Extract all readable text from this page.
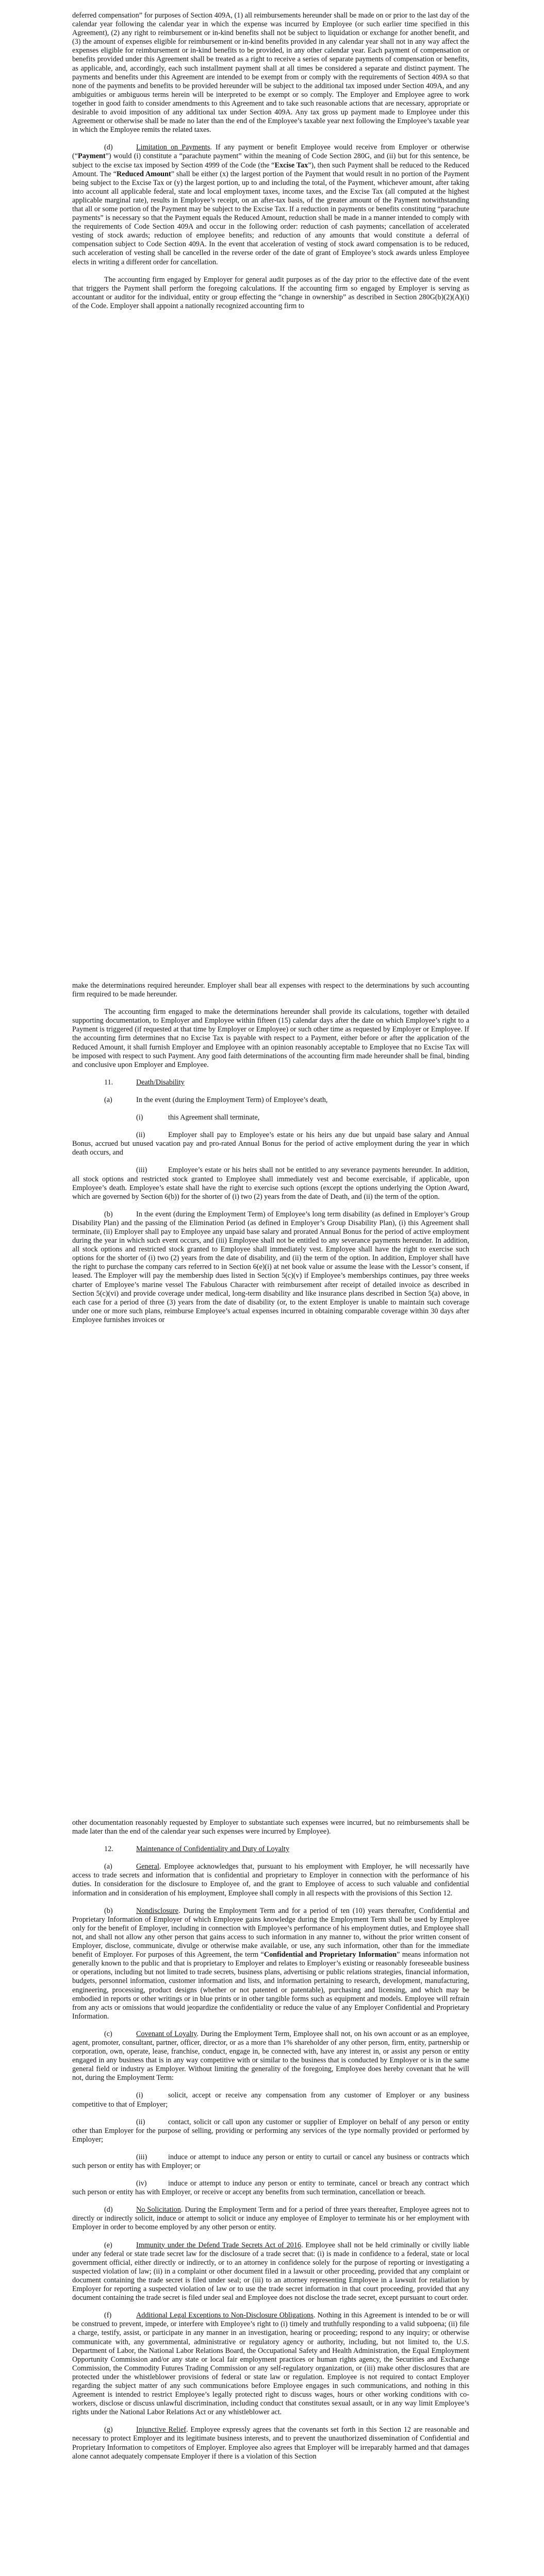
deferred compensation” for purposes of Section 409A, (1) all reimbursements hereunder shall be made on or prior to the last day of the calendar year following the calendar year in which the expense was incurred by Employee (or such earlier time specified in this Agreement), (2) any right to reimbursement or in-kind benefits shall not be subject to liquidation or exchange for another benefit, and (3) the amount of expenses eligible for reimbursement or in-kind benefits provided in any calendar year shall not in any way affect the expenses eligible for reimbursement or in-kind benefits to be provided, in any other calendar year. Each payment of compensation or benefits provided under this Agreement shall be treated as a right to receive a series of separate payments of compensation or benefits, as applicable, and, accordingly, each such installment payment shall at all times be considered a separate and distinct payment. The payments and benefits under this Agreement are intended to be exempt from or comply with the requirements of Section 409A so that none of the payments and benefits to be provided hereunder will be subject to the additional tax imposed under Section 409A, and any ambiguities or ambiguous terms herein will be interpreted to be exempt or so comply. The Employer and Employee agree to work together in good faith to consider amendments to this Agreement and to take such reasonable actions that are necessary, appropriate or desirable to avoid imposition of any additional tax under Section 409A. Any tax gross up payment made to Employee under this Agreement or otherwise shall be made no later than the end of the Employee’s taxable year next following the Employee’s taxable year in which the Employee remits the related taxes.

(d)	Limitation on Payments. If any payment or benefit Employee would receive from Employer or otherwise (“Payment”) would (i) constitute a “parachute payment” within the meaning of Code Section 280G, and (ii) but for this sentence, be subject to the excise tax imposed by Section 4999 of the Code (the “Excise Tax”), then such Payment shall be reduced to the Reduced Amount. The “Reduced Amount” shall be either (x) the largest portion of the Payment that would result in no portion of the Payment being subject to the Excise Tax or (y) the largest portion, up to and including the total, of the Payment, whichever amount, after taking into account all applicable federal, state and local employment taxes, income taxes, and the Excise Tax (all computed at the highest applicable marginal rate), results in Employee’s receipt, on an after-tax basis, of the greater amount of the Payment notwithstanding that all or some portion of the Payment may be subject to the Excise Tax. If a reduction in payments or benefits constituting “parachute payments” is necessary so that the Payment equals the Reduced Amount, reduction shall be made in a manner intended to comply with the requirements of Code Section 409A and occur in the following order: reduction of cash payments; cancellation of accelerated vesting of stock awards; reduction of employee benefits; and reduction of any amounts that would constitute a deferral of compensation subject to Code Section 409A. In the event that acceleration of vesting of stock award compensation is to be reduced, such acceleration of vesting shall be cancelled in the reverse order of the date of grant of Employee’s stock awards unless Employee elects in writing a different order for cancellation.

The accounting firm engaged by Employer for general audit purposes as of the day prior to the effective date of the event that triggers the Payment shall perform the foregoing calculations. If the accounting firm so engaged by Employer is serving as accountant or auditor for the individual, entity or group effecting the “change in ownership” as described in Section 280G(b)(2)(A)(i) of the Code. Employer shall appoint a nationally recognized accounting firm to

make the determinations required hereunder. Employer shall bear all expenses with respect to the determinations by such accounting firm required to be made hereunder.

The accounting firm engaged to make the determinations hereunder shall provide its calculations, together with detailed supporting documentation, to Employer and Employee within fifteen (15) calendar days after the date on which Employee’s right to a Payment is triggered (if requested at that time by Employer or Employee) or such other time as requested by Employer or Employee. If the accounting firm determines that no Excise Tax is payable with respect to a Payment, either before or after the application of the Reduced Amount, it shall furnish Employer and Employee with an opinion reasonably acceptable to Employee that no Excise Tax will be imposed with respect to such Payment. Any good faith determinations of the accounting firm made hereunder shall be final, binding and conclusive upon Employer and Employee.

11.	Death/Disability

(a)	In the event (during the Employment Term) of Employee’s death,

(i)	this Agreement shall terminate,

(ii)	Employer shall pay to Employee’s estate or his heirs any due but unpaid base salary and Annual Bonus, accrued but unused vacation pay and pro-rated Annual Bonus for the period of active employment during the year in which death occurs, and

(iii)	Employee’s estate or his heirs shall not be entitled to any severance payments hereunder. In addition, all stock options and restricted stock granted to Employee shall immediately vest and become exercisable, if applicable, upon Employee’s death. Employee’s estate shall have the right to exercise such options (except the options underlying the Option Award, which are governed by Section 6(b)) for the shorter of (i) two (2) years from the date of Death, and (ii) the term of the option.

(b)	In the event (during the Employment Term) of Employee’s long term disability (as defined in Employer’s Group Disability Plan) and the passing of the Elimination Period (as defined in Employer’s Group Disability Plan), (i) this Agreement shall terminate, (ii) Employer shall pay to Employee any unpaid base salary and prorated Annual Bonus for the period of active employment during the year in which such event occurs, and (iii) Employee shall not be entitled to any severance payments hereunder. In addition, all stock options and restricted stock granted to Employee shall immediately vest. Employee shall have the right to exercise such options for the shorter of (i) two (2) years from the date of disability, and (ii) the term of the option. In addition, Employer shall have the right to purchase the company cars referred to in Section 6(e)(i) at net book value or assume the lease with the Lessor’s consent, if leased. The Employer will pay the membership dues listed in Section 5(c)(v) if Employee’s memberships continues, pay three weeks charter of Employee’s marine vessel The Fabulous Character with reimbursement after receipt of detailed invoice as described in Section 5(c)(vi) and provide coverage under medical, long-term disability and like insurance plans described in Section 5(a) above, in each case for a period of three (3) years from the date of disability (or, to the extent Employer is unable to maintain such coverage under one or more such plans, reimburse Employee’s actual expenses incurred in obtaining comparable coverage within 30 days after Employee furnishes invoices or

other documentation reasonably requested by Employer to substantiate such expenses were incurred, but no reimbursements shall be made later than the end of the calendar year such expenses were incurred by Employee).

12.	Maintenance of Confidentiality and Duty of Loyalty

(a)	General. Employee acknowledges that, pursuant to his employment with Employer, he will necessarily have access to trade secrets and information that is confidential and proprietary to Employer in connection with the performance of his duties. In consideration for the disclosure to Employee of, and the grant to Employee of access to such valuable and confidential information and in consideration of his employment, Employee shall comply in all respects with the provisions of this Section 12.

(b)	Nondisclosure. During the Employment Term and for a period of ten (10) years thereafter, Confidential and Proprietary Information of Employer of which Employee gains knowledge during the Employment Term shall be used by Employee only for the benefit of Employer, including in connection with Employee’s performance of his employment duties, and Employee shall not, and shall not allow any other person that gains access to such information in any manner to, without the prior written consent of Employer, disclose, communicate, divulge or otherwise make available, or use, any such information, other than for the immediate benefit of Employer. For purposes of this Agreement, the term “Confidential and Proprietary Information” means information not generally known to the public and that is proprietary to Employer and relates to Employer’s existing or reasonably foreseeable business or operations, including but not limited to trade secrets, business plans, advertising or public relations strategies, financial information, budgets, personnel information, customer information and lists, and information pertaining to research, development, manufacturing, engineering, processing, product designs (whether or not patented or patentable), purchasing and licensing, and which may be embodied in reports or other writings or in blue prints or in other tangible forms such as equipment and models. Employee will refrain from any acts or omissions that would jeopardize the confidentiality or reduce the value of any Employer Confidential and Proprietary Information.

(c)	Covenant of Loyalty. During the Employment Term, Employee shall not, on his own account or as an employee, agent, promoter, consultant, partner, officer, director, or as a more than 1% shareholder of any other person, firm, entity, partnership or corporation, own, operate, lease, franchise, conduct, engage in, be connected with, have any interest in, or assist any person or entity engaged in any business that is in any way competitive with or similar to the business that is conducted by Employer or is in the same general field or industry as Employer. Without limiting the generality of the foregoing, Employee does hereby covenant that he will not, during the Employment Term:

(i)	solicit, accept or receive any compensation from any customer of Employer or any business competitive to that of Employer;

(ii)	contact, solicit or call upon any customer or supplier of Employer on behalf of any person or entity other than Employer for the purpose of selling, providing or performing any services of the type normally provided or performed by Employer;

(iii)	induce or attempt to induce any person or entity to curtail or cancel any business or contracts which such person or entity has with Employer; or

(iv)	induce or attempt to induce any person or entity to terminate, cancel or breach any contract which such person or entity has with Employer, or receive or accept any benefits from such termination, cancellation or breach.

(d)	No Solicitation. During the Employment Term and for a period of three years thereafter, Employee agrees not to directly or indirectly solicit, induce or attempt to solicit or induce any employee of Employer to terminate his or her employment with Employer in order to become employed by any other person or entity.

(e)	Immunity under the Defend Trade Secrets Act of 2016. Employee shall not be held criminally or civilly liable under any federal or state trade secret law for the disclosure of a trade secret that: (i) is made in confidence to a federal, state or local government official, either directly or indirectly, or to an attorney in confidence solely for the purpose of reporting or investigating a suspected violation of law; (ii) in a complaint or other document filed in a lawsuit or other proceeding, provided that any complaint or document containing the trade secret is filed under seal; or (iii) to an attorney representing Employee in a lawsuit for retaliation by Employer for reporting a suspected violation of law or to use the trade secret information in that court proceeding, provided that any document containing the trade secret is filed under seal and Employee does not disclose the trade secret, except pursuant to court order.

(f)	Additional Legal Exceptions to Non-Disclosure Obligations. Nothing in this Agreement is intended to be or will be construed to prevent, impede, or interfere with Employee’s right to (i) timely and truthfully responding to a valid subpoena; (ii) file a charge, testify, assist, or participate in any manner in an investigation, hearing or proceeding; respond to any inquiry; or otherwise communicate with, any governmental, administrative or regulatory agency or authority, including, but not limited to, the U.S. Department of Labor, the National Labor Relations Board, the Occupational Safety and Health Administration, the Equal Employment Opportunity Commission and/or any state or local fair employment practices or human rights agency, the Securities and Exchange Commission, the Commodity Futures Trading Commission or any self-regulatory organization, or (iii) make other disclosures that are protected under the whistleblower provisions of federal or state law or regulation. Employee is not required to contact Employer regarding the subject matter of any such communications before Employee engages in such communications, and nothing in this Agreement is intended to restrict Employee’s legally protected right to discuss wages, hours or other working conditions with co-workers, disclose or discuss unlawful discrimination, including conduct that constitutes sexual assault, or in any way limit Employee’s rights under the National Labor Relations Act or any whistleblower act.

(g)	Injunctive Relief. Employee expressly agrees that the covenants set forth in this Section 12 are reasonable and necessary to protect Employer and its legitimate business interests, and to prevent the unauthorized dissemination of Confidential and Proprietary Information to competitors of Employer. Employee also agrees that Employer will be irreparably harmed and that damages alone cannot adequately compensate Employer if there is a violation of this Section
